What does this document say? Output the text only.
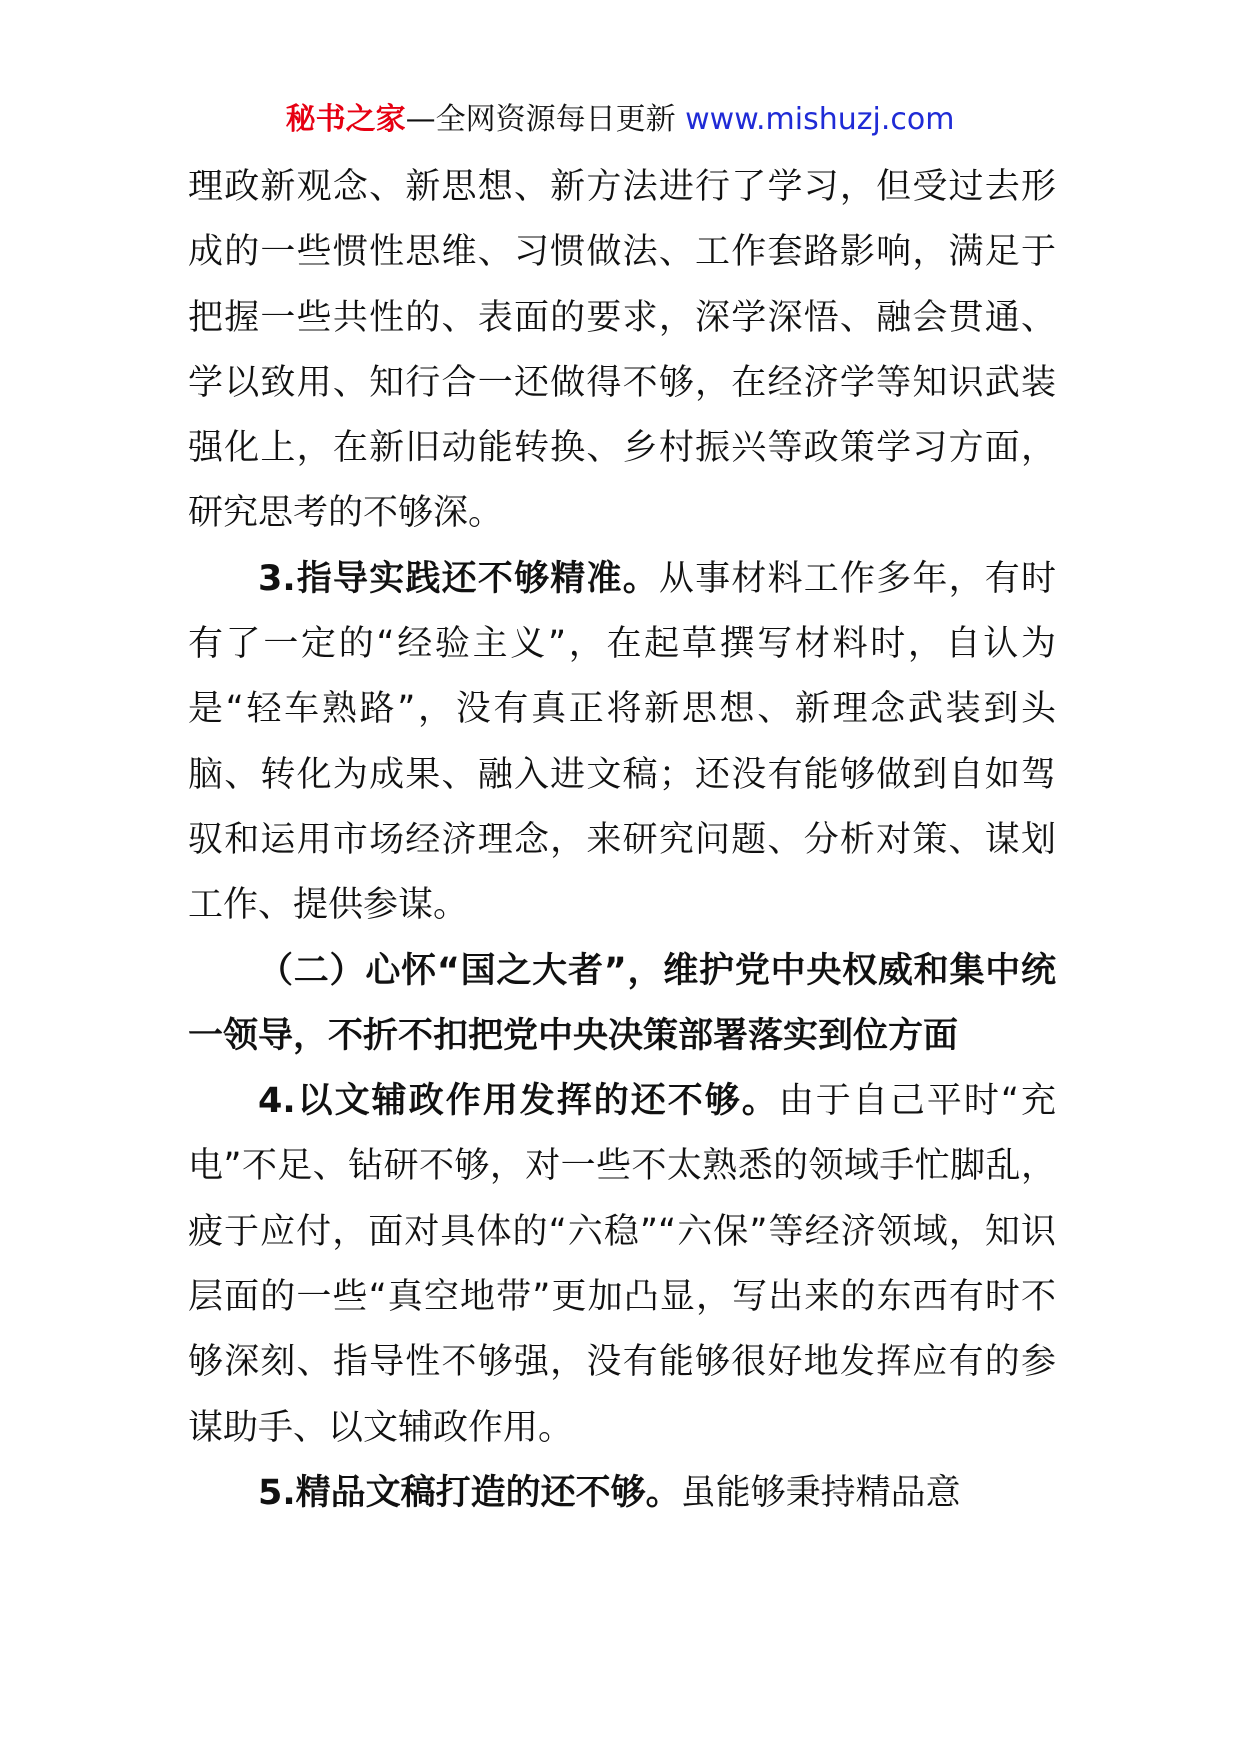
秘书之家—全网资源每日更新 www.mishuzj.com

理政新观念、新思想、新方法进行了学习，但受过去形成的一些惯性思维、习惯做法、工作套路影响，满足于把握一些共性的、表面的要求，深学深悟、融会贯通、学以致用、知行合一还做得不够，在经济学等知识武装强化上，在新旧动能转换、乡村振兴等政策学习方面，研究思考的不够深。

3.指导实践还不够精准。从事材料工作多年，有时有了一定的“经验主义”，在起草撰写材料时，自认为是“轻车熟路”，没有真正将新思想、新理念武装到头脑、转化为成果、融入进文稿；还没有能够做到自如驾驭和运用市场经济理念，来研究问题、分析对策、谋划工作、提供参谋。

（二）心怀“国之大者”，维护党中央权威和集中统一领导，不折不扣把党中央决策部署落实到位方面

4.以文辅政作用发挥的还不够。由于自己平时“充电”不足、钻研不够，对一些不太熟悉的领域手忙脚乱，疲于应付，面对具体的“六稳”“六保”等经济领域，知识层面的一些“真空地带”更加凸显，写出来的东西有时不够深刻、指导性不够强，没有能够很好地发挥应有的参谋助手、以文辅政作用。

5.精品文稿打造的还不够。虽能够秉持精品意
